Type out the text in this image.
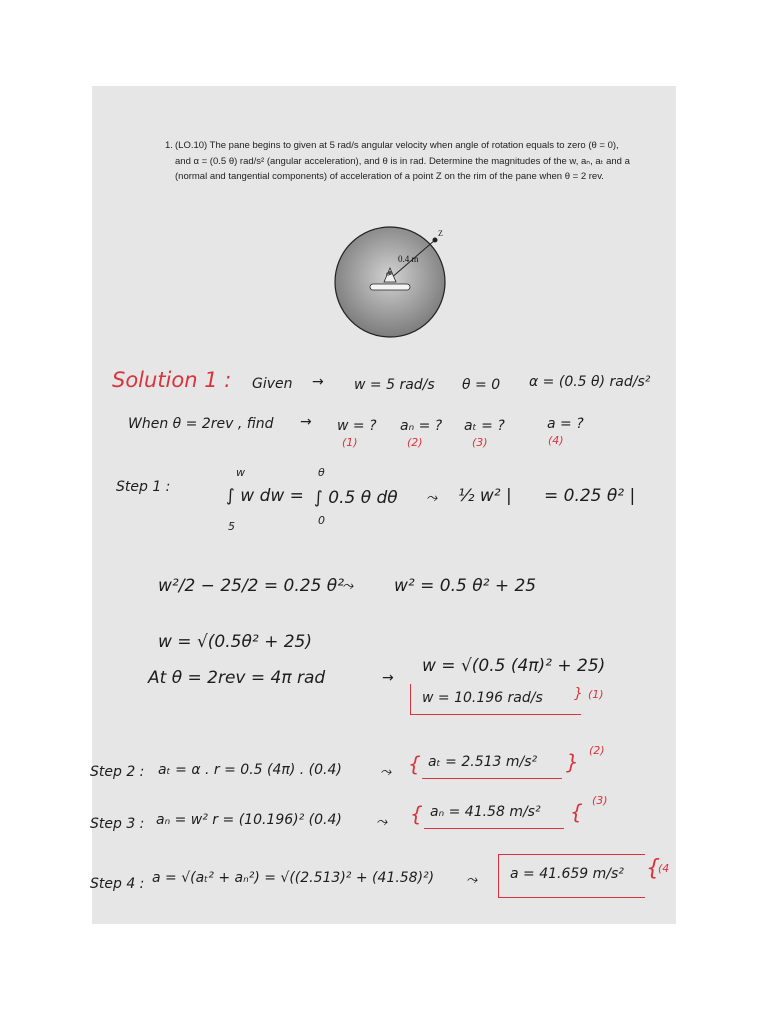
1. (LO.10) The pane begins to given at 5 rad/s angular velocity when angle of rotation equals to zero (θ = 0), and α = (0.5 θ) rad/s² (angular acceleration), and θ is in rad. Determine the magnitudes of the w, aₙ, aₜ and a (normal and tangential components) of acceleration of a point Z on the rim of the pane when θ = 2 rev.
0.4 m
Z
O
Solution 1 : Given → w = 5 rad/s θ = 0 α = (0.5 θ) rad/s²
When θ = 2rev , find → w = ? aₙ = ? aₜ = ?	a = ?
(1)	(2)	(3)	(4)
Step 1 :
w
∫ w dw =
5
θ
∫ 0.5 θ dθ
0
⤳ ½ w² | = 0.25 θ² |
w²/2 − 25/2 = 0.25 θ²
⤳ w² = 0.5 θ² + 25
w = √(0.5θ² + 25)
At θ = 2rev = 4π rad	→
w = √(0.5 (4π)² + 25)
w = 10.196 rad/s } (1)
Step 2 : aₜ = α . r = 0.5 (4π) . (0.4)	⤳ { aₜ = 2.513 m/s² } (2)
Step 3 : aₙ = w² r = (10.196)² (0.4) ⤳ { aₙ = 41.58 m/s² { (3)
Step 4 : a = √(aₜ² + aₙ²) = √((2.513)² + (41.58)²) ⤳ a = 41.659 m/s² {
(4
